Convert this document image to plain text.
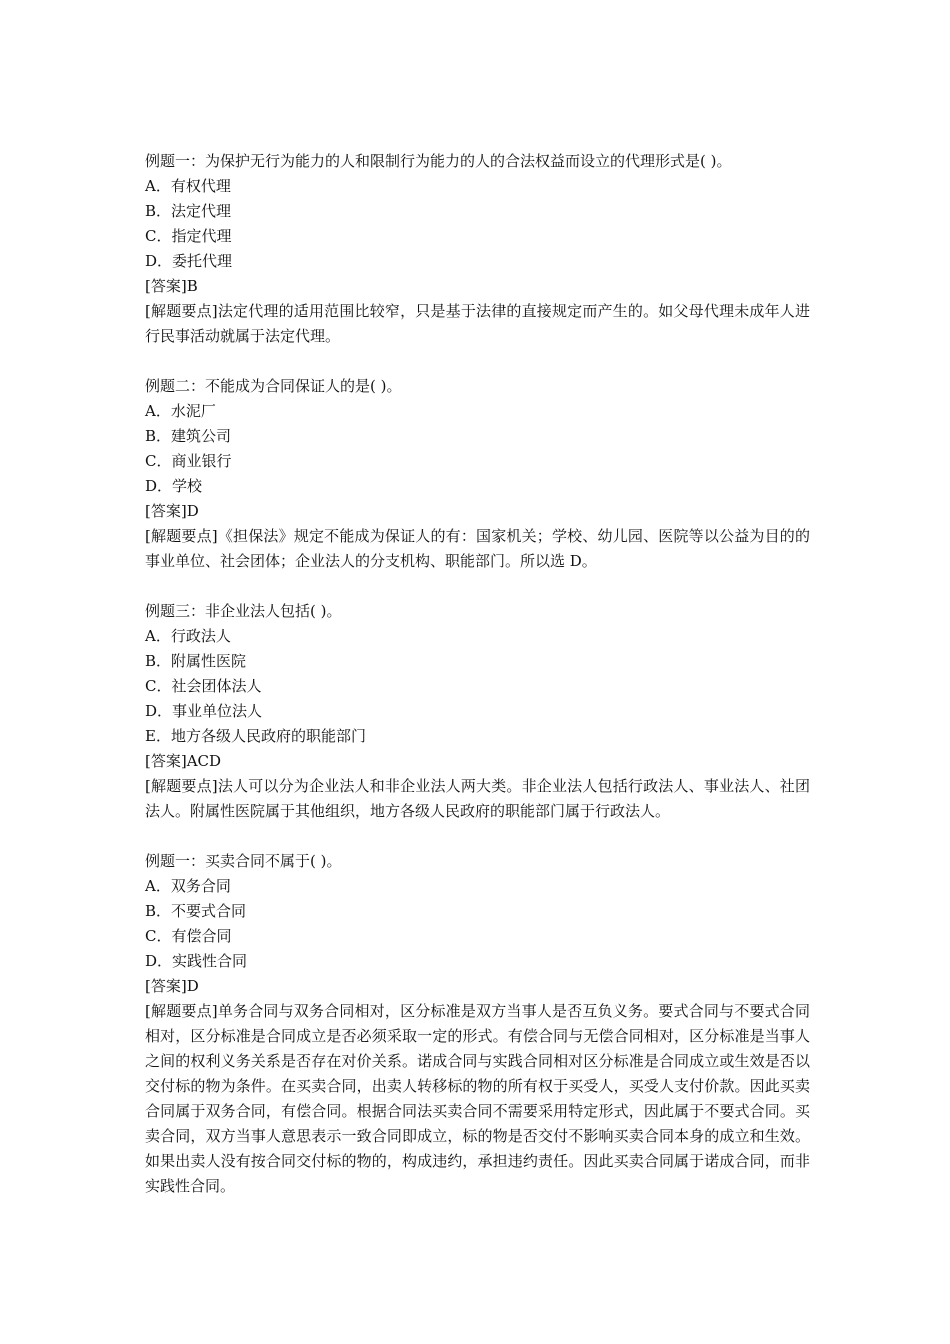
例题一：为保护无行为能力的人和限制行为能力的人的合法权益而设立的代理形式是( )。
A．有权代理
B．法定代理
C．指定代理
D．委托代理
[答案]B
[解题要点]法定代理的适用范围比较窄，只是基于法律的直接规定而产生的。如父母代理未成年人进行民事活动就属于法定代理。
例题二：不能成为合同保证人的是( )。
A．水泥厂
B．建筑公司
C．商业银行
D．学校
[答案]D
[解题要点]《担保法》规定不能成为保证人的有：国家机关；学校、幼儿园、医院等以公益为目的的事业单位、社会团体；企业法人的分支机构、职能部门。所以选 D。
例题三：非企业法人包括( )。
A．行政法人
B．附属性医院
C．社会团体法人
D．事业单位法人
E．地方各级人民政府的职能部门
[答案]ACD
[解题要点]法人可以分为企业法人和非企业法人两大类。非企业法人包括行政法人、事业法人、社团法人。附属性医院属于其他组织，地方各级人民政府的职能部门属于行政法人。
例题一：买卖合同不属于( )。
A．双务合同
B．不要式合同
C．有偿合同
D．实践性合同
[答案]D
[解题要点]单务合同与双务合同相对，区分标准是双方当事人是否互负义务。要式合同与不要式合同相对，区分标准是合同成立是否必须采取一定的形式。有偿合同与无偿合同相对，区分标准是当事人之间的权利义务关系是否存在对价关系。诺成合同与实践合同相对区分标准是合同成立或生效是否以交付标的物为条件。在买卖合同，出卖人转移标的物的所有权于买受人，买受人支付价款。因此买卖合同属于双务合同，有偿合同。根据合同法买卖合同不需要采用特定形式，因此属于不要式合同。买卖合同，双方当事人意思表示一致合同即成立，标的物是否交付不影响买卖合同本身的成立和生效。如果出卖人没有按合同交付标的物的，构成违约，承担违约责任。因此买卖合同属于诺成合同，而非实践性合同。
